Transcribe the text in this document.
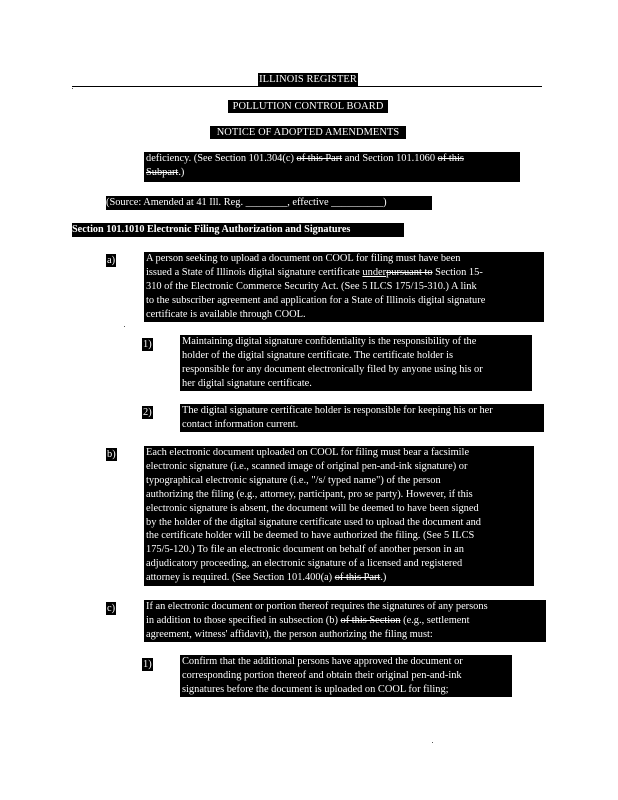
ILLINOIS REGISTER
POLLUTION CONTROL BOARD
NOTICE OF ADOPTED AMENDMENTS
deficiency. (See Section 101.304(c) of this Part and Section 101.1060 of this
Subpart.)
(Source: Amended at 41 Ill. Reg. ________, effective __________)
Section 101.1010 Electronic Filing Authorization and Signatures
a)	A person seeking to upload a document on COOL for filing must have been
issued a State of Illinois digital signature certificate underpursuant to Section 15-
310 of the Electronic Commerce Security Act. (See 5 ILCS 175/15-310.) A link
to the subscriber agreement and application for a State of Illinois digital signature
certificate is available through COOL.
1)	Maintaining digital signature confidentiality is the responsibility of the
holder of the digital signature certificate. The certificate holder is
responsible for any document electronically filed by anyone using his or
her digital signature certificate.
2)	The digital signature certificate holder is responsible for keeping his or her
contact information current.
b)	Each electronic document uploaded on COOL for filing must bear a facsimile
electronic signature (i.e., scanned image of original pen-and-ink signature) or
typographical electronic signature (i.e., "/s/ typed name") of the person
authorizing the filing (e.g., attorney, participant, pro se party). However, if this
electronic signature is absent, the document will be deemed to have been signed
by the holder of the digital signature certificate used to upload the document and
the certificate holder will be deemed to have authorized the filing. (See 5 ILCS
175/5-120.) To file an electronic document on behalf of another person in an
adjudicatory proceeding, an electronic signature of a licensed and registered
attorney is required. (See Section 101.400(a) of this Part.)
c)	If an electronic document or portion thereof requires the signatures of any persons
in addition to those specified in subsection (b) of this Section (e.g., settlement
agreement, witness' affidavit), the person authorizing the filing must:
1)	Confirm that the additional persons have approved the document or
corresponding portion thereof and obtain their original pen-and-ink
signatures before the document is uploaded on COOL for filing;
